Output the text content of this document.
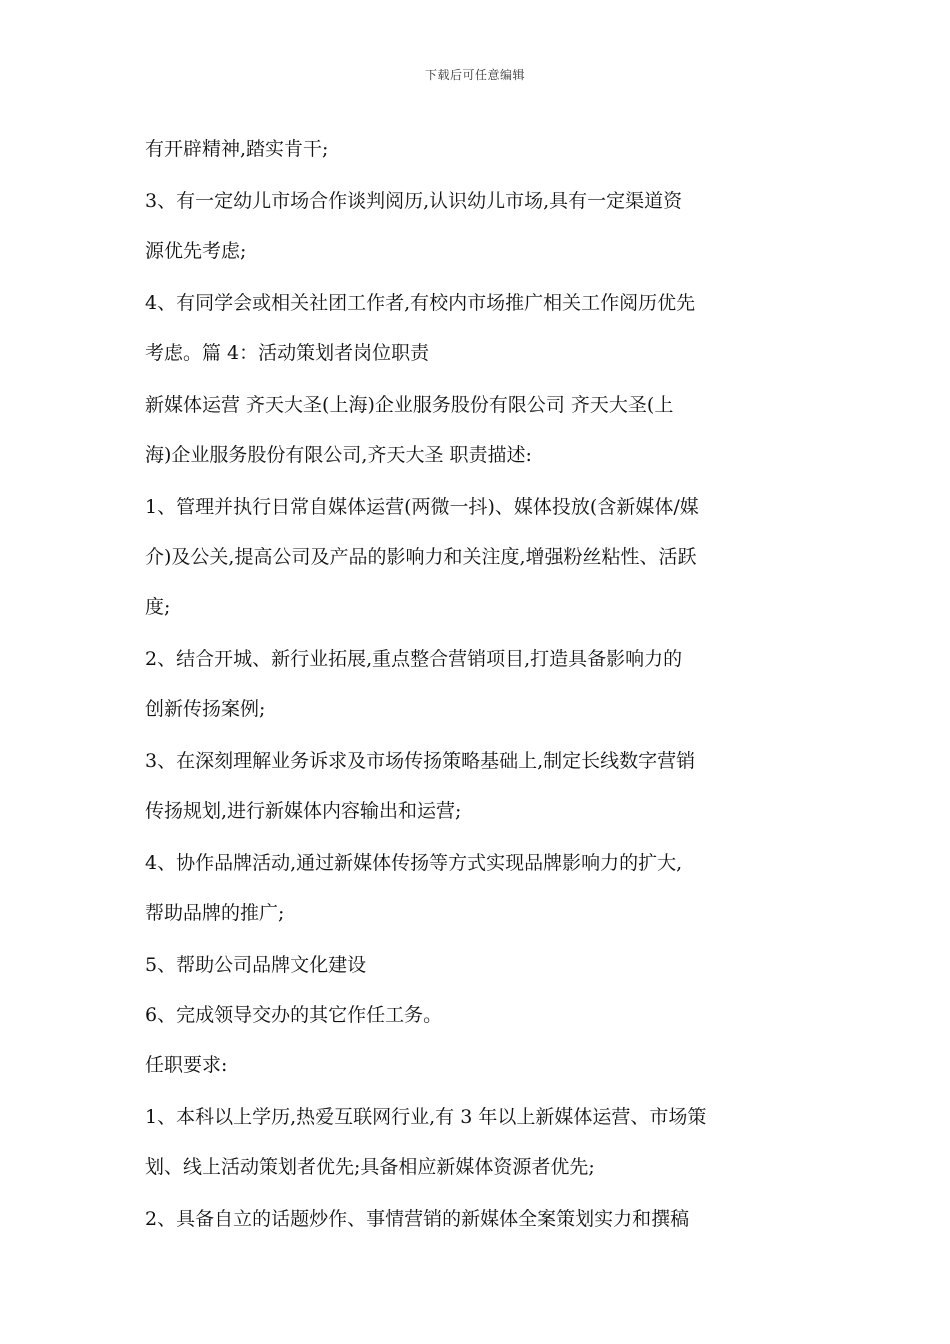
下载后可任意编辑
有开辟精神,踏实肯干;
3、有一定幼儿市场合作谈判阅历,认识幼儿市场,具有一定渠道资
源优先考虑;
4、有同学会或相关社团工作者,有校内市场推广相关工作阅历优先
考虑。篇 4：活动策划者岗位职责
新媒体运营 齐天大圣(上海)企业服务股份有限公司 齐天大圣(上
海)企业服务股份有限公司,齐天大圣 职责描述:
1、管理并执行日常自媒体运营(两微一抖)、媒体投放(含新媒体/媒
介)及公关,提高公司及产品的影响力和关注度,增强粉丝粘性、活跃
度;
2、结合开城、新行业拓展,重点整合营销项目,打造具备影响力的
创新传扬案例;
3、在深刻理解业务诉求及市场传扬策略基础上,制定长线数字营销
传扬规划,进行新媒体内容输出和运营;
4、协作品牌活动,通过新媒体传扬等方式实现品牌影响力的扩大,
帮助品牌的推广;
5、帮助公司品牌文化建设
6、完成领导交办的其它作任工务。
任职要求:
1、本科以上学历,热爱互联网行业,有 3 年以上新媒体运营、市场策
划、线上活动策划者优先;具备相应新媒体资源者优先;
2、具备自立的话题炒作、事情营销的新媒体全案策划实力和撰稿
